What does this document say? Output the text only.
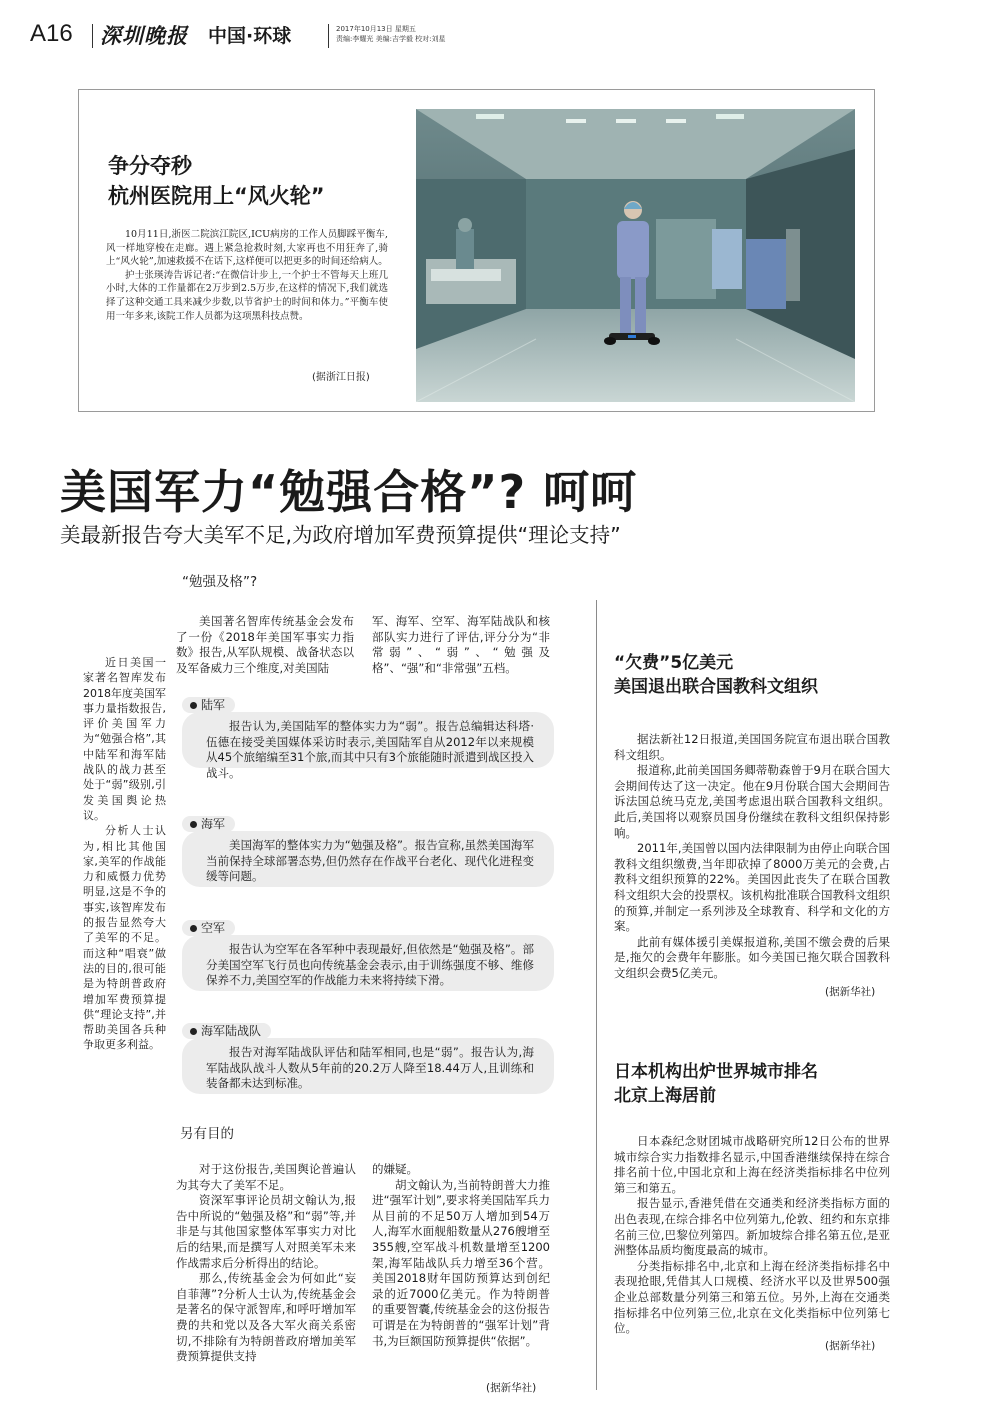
A16 深圳晚报 中国·环球	2017年10月13日 星期五
责编:李耀光 美编:吉学毅 校对:刘星
争分夺秒
杭州医院用上“风火轮”

10月11日,浙医二院滨江院区,ICU病房的工作人员脚踩平衡车,风一样地穿梭在走廊。遇上紧急抢救时刻,大家再也不用狂奔了,骑上“风火轮”,加速救援不在话下,这样便可以把更多的时间还给病人。

护士张瑛涛告诉记者:“在微信计步上,一个护士不管每天上班几小时,大体的工作量都在2万步到2.5万步,在这样的情况下,我们就选择了这种交通工具来减少步数,以节省护士的时间和体力。”平衡车使用一年多来,该院工作人员都为这项黑科技点赞。

(据浙江日报)
美国军力“勉强合格”? 呵呵
美最新报告夸大美军不足,为政府增加军费预算提供“理论支持”

近日美国一家著名智库发布2018年度美国军事力量指数报告,评价美国军力为“勉强合格”,其中陆军和海军陆战队的战力甚至处于“弱”级别,引发美国舆论热议。

分析人士认为,相比其他国家,美军的作战能力和威慑力优势明显,这是不争的事实,该智库发布的报告显然夸大了美军的不足。而这种“唱衰”做法的目的,很可能是为特朗普政府增加军费预算提供“理论支持”,并帮助美国各兵种争取更多利益。

“勉强及格”?

美国著名智库传统基金会发布了一份《2018年美国军事实力指数》报告,从军队规模、战备状态以及军备威力三个维度,对美国陆

军、海军、空军、海军陆战队和核部队实力进行了评估,评分分为“非常弱”、“弱”、“勉强及格”、“强”和“非常强”五档。

陆军

报告认为,美国陆军的整体实力为“弱”。报告总编辑达科塔·伍德在接受美国媒体采访时表示,美国陆军自从2012年以来规模从45个旅缩编至31个旅,而其中只有3个旅能随时派遣到战区投入战斗。

海军

美国海军的整体实力为“勉强及格”。报告宣称,虽然美国海军当前保持全球部署态势,但仍然存在作战平台老化、现代化进程变缓等问题。

空军

报告认为空军在各军种中表现最好,但依然是“勉强及格”。部分美国空军飞行员也向传统基金会表示,由于训练强度不够、维修保养不力,美国空军的作战能力未来将持续下滑。

海军陆战队

报告对海军陆战队评估和陆军相同,也是“弱”。报告认为,海军陆战队战斗人数从5年前的20.2万人降至18.44万人,且训练和装备都未达到标准。

另有目的

对于这份报告,美国舆论普遍认为其夸大了美军不足。

资深军事评论员胡文翰认为,报告中所说的“勉强及格”和“弱”等,并非是与其他国家整体军事实力对比后的结果,而是撰写人对照美军未来作战需求后分析得出的结论。

那么,传统基金会为何如此“妄自菲薄”?分析人士认为,传统基金会是著名的保守派智库,和呼吁增加军费的共和党以及各大军火商关系密切,不排除有为特朗普政府增加美军费预算提供支持

的嫌疑。

胡文翰认为,当前特朗普大力推进“强军计划”,要求将美国陆军兵力从目前的不足50万人增加到54万人,海军水面舰船数量从276艘增至355艘,空军战斗机数量增至1200架,海军陆战队兵力增至36个营。美国2018财年国防预算达到创纪录的近7000亿美元。作为特朗普的重要智囊,传统基金会的这份报告可谓是在为特朗普的“强军计划”背书,为巨额国防预算提供“依据”。

(据新华社)
“欠费”5亿美元
美国退出联合国教科文组织

据法新社12日报道,美国国务院宣布退出联合国教科文组织。

报道称,此前美国国务卿蒂勒森曾于9月在联合国大会期间传达了这一决定。他在9月份联合国大会期间告诉法国总统马克龙,美国考虑退出联合国教科文组织。此后,美国将以观察员国身份继续在教科文组织保持影响。

2011年,美国曾以国内法律限制为由停止向联合国教科文组织缴费,当年即砍掉了8000万美元的会费,占教科文组织预算的22%。美国因此丧失了在联合国教科文组织大会的投票权。该机构批准联合国教科文组织的预算,并制定一系列涉及全球教育、科学和文化的方案。

此前有媒体援引美媒报道称,美国不缴会费的后果是,拖欠的会费年年膨胀。如今美国已拖欠联合国教科文组织会费5亿美元。

(据新华社)
日本机构出炉世界城市排名
北京上海居前

日本森纪念财团城市战略研究所12日公布的世界城市综合实力指数排名显示,中国香港继续保持在综合排名前十位,中国北京和上海在经济类指标排名中位列第三和第五。

报告显示,香港凭借在交通类和经济类指标方面的出色表现,在综合排名中位列第九,伦敦、纽约和东京排名前三位,巴黎位列第四。新加坡综合排名第五位,是亚洲整体品质均衡度最高的城市。

分类指标排名中,北京和上海在经济类指标排名中表现抢眼,凭借其人口规模、经济水平以及世界500强企业总部数量分列第三和第五位。另外,上海在交通类指标排名中位列第三位,北京在文化类指标中位列第七位。

(据新华社)
